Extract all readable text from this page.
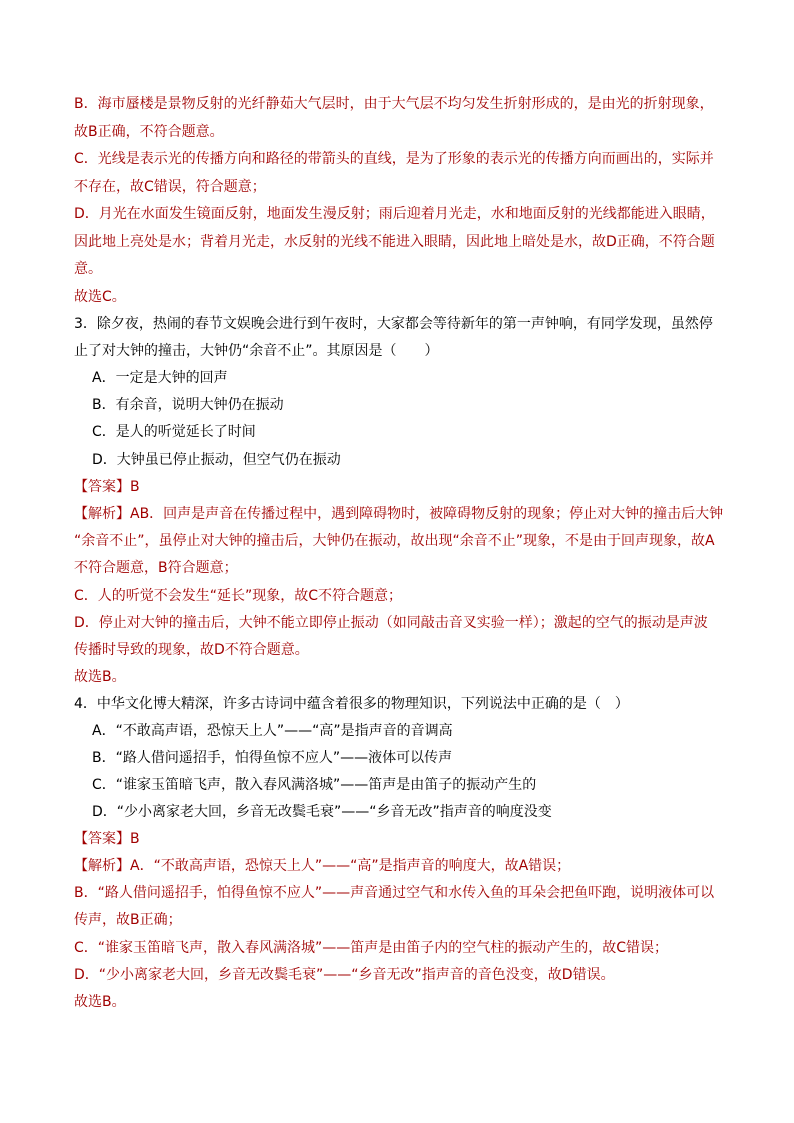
B．海市蜃楼是景物反射的光纤静茹大气层时，由于大气层不均匀发生折射形成的，是由光的折射现象，
故B正确，不符合题意。
C．光线是表示光的传播方向和路径的带箭头的直线，是为了形象的表示光的传播方向而画出的，实际并
不存在，故C错误，符合题意；
D．月光在水面发生镜面反射，地面发生漫反射；雨后迎着月光走，水和地面反射的光线都能进入眼睛，
因此地上亮处是水；背着月光走，水反射的光线不能进入眼睛，因此地上暗处是水，故D正确，不符合题
意。
故选C。
3．除夕夜，热闹的春节文娱晚会进行到午夜时，大家都会等待新年的第一声钟响，有同学发现，虽然停
止了对大钟的撞击，大钟仍“余音不止”。其原因是（　　）
A．一定是大钟的回声
B．有余音，说明大钟仍在振动
C．是人的听觉延长了时间
D．大钟虽已停止振动，但空气仍在振动
【答案】B
【解析】AB．回声是声音在传播过程中，遇到障碍物时，被障碍物反射的现象；停止对大钟的撞击后大钟
“余音不止”，虽停止对大钟的撞击后，大钟仍在振动，故出现“余音不止”现象，不是由于回声现象，故A
不符合题意，B符合题意；
C．人的听觉不会发生“延长”现象，故C不符合题意；
D．停止对大钟的撞击后，大钟不能立即停止振动（如同敲击音叉实验一样）；激起的空气的振动是声波
传播时导致的现象，故D不符合题意。
故选B。
4．中华文化博大精深，许多古诗词中蕴含着很多的物理知识，下列说法中正确的是（　）
A．“不敢高声语，恐惊天上人”——“高”是指声音的音调高
B．“路人借问遥招手，怕得鱼惊不应人”——液体可以传声
C．“谁家玉笛暗飞声，散入春风满洛城”——笛声是由笛子的振动产生的
D．“少小离家老大回，乡音无改鬓毛衰”——“乡音无改”指声音的响度没变
【答案】B
【解析】A．“不敢高声语，恐惊天上人”——“高”是指声音的响度大，故A错误；
B．“路人借问遥招手，怕得鱼惊不应人”——声音通过空气和水传入鱼的耳朵会把鱼吓跑，说明液体可以
传声，故B正确；
C．“谁家玉笛暗飞声，散入春风满洛城”——笛声是由笛子内的空气柱的振动产生的，故C错误；
D．“少小离家老大回，乡音无改鬓毛衰”——“乡音无改”指声音的音色没变，故D错误。
故选B。
